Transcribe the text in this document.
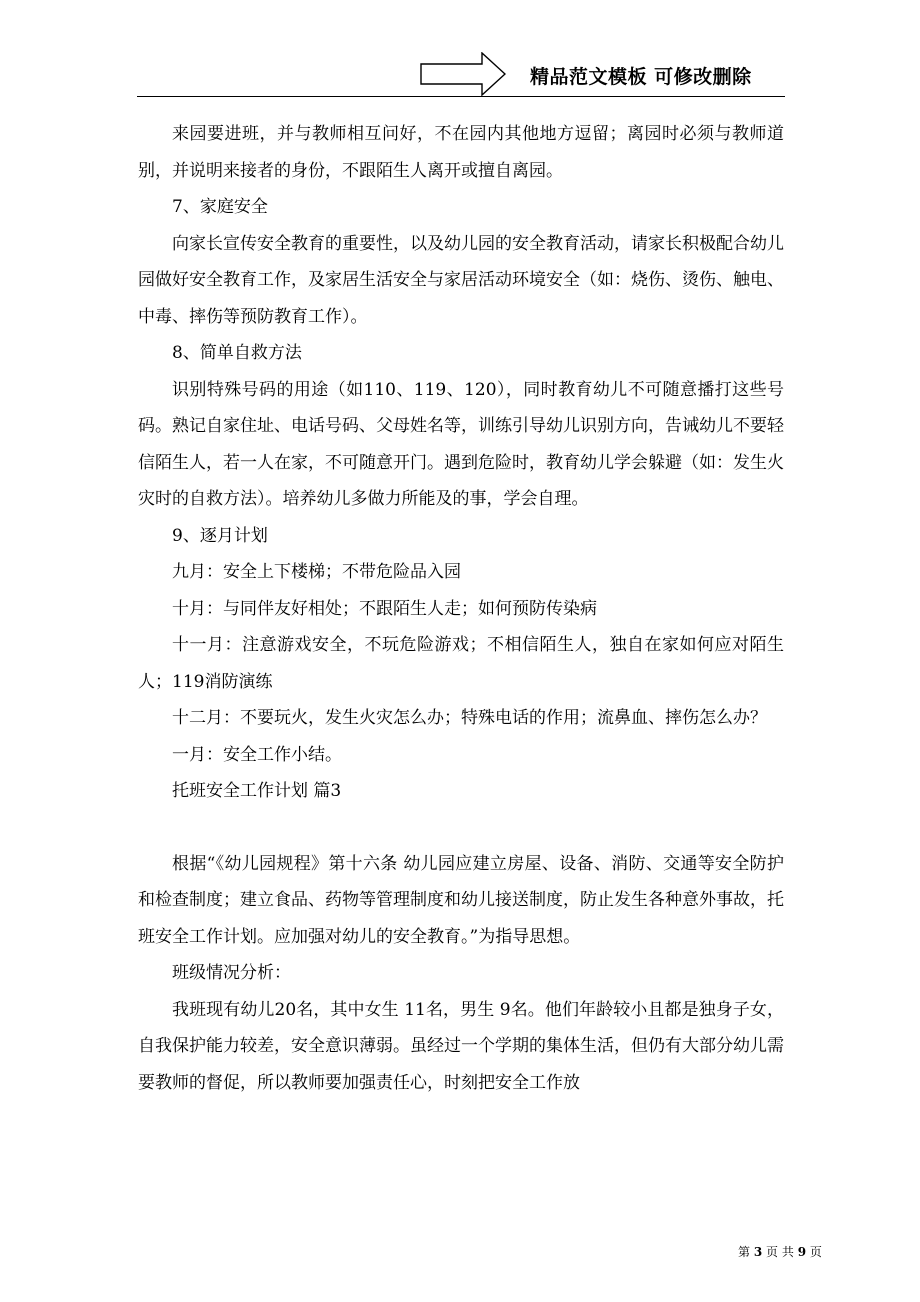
精品范文模板 可修改删除

来园要进班，并与教师相互问好，不在园内其他地方逗留；离园时必须与教师道别，并说明来接者的身份，不跟陌生人离开或擅自离园。

7、家庭安全

向家长宣传安全教育的重要性，以及幼儿园的安全教育活动，请家长积极配合幼儿园做好安全教育工作，及家居生活安全与家居活动环境安全（如：烧伤、烫伤、触电、中毒、摔伤等预防教育工作）。

8、简单自救方法

识别特殊号码的用途（如110、119、120），同时教育幼儿不可随意播打这些号码。熟记自家住址、电话号码、父母姓名等，训练引导幼儿识别方向，告诫幼儿不要轻信陌生人，若一人在家，不可随意开门。遇到危险时，教育幼儿学会躲避（如：发生火灾时的自救方法）。培养幼儿多做力所能及的事，学会自理。

9、逐月计划

九月：安全上下楼梯；不带危险品入园

十月：与同伴友好相处；不跟陌生人走；如何预防传染病

十一月：注意游戏安全，不玩危险游戏；不相信陌生人，独自在家如何应对陌生人；119消防演练

十二月：不要玩火，发生火灾怎么办；特殊电话的作用；流鼻血、摔伤怎么办？

一月：安全工作小结。

托班安全工作计划 篇3

根据“《幼儿园规程》第十六条 幼儿园应建立房屋、设备、消防、交通等安全防护和检查制度；建立食品、药物等管理制度和幼儿接送制度，防止发生各种意外事故，托班安全工作计划。应加强对幼儿的安全教育。”为指导思想。

班级情况分析：

我班现有幼儿20名，其中女生 11名，男生 9名。他们年龄较小且都是独身子女，自我保护能力较差，安全意识薄弱。虽经过一个学期的集体生活，但仍有大部分幼儿需要教师的督促，所以教师要加强责任心，时刻把安全工作放

第 3 页 共 9 页
